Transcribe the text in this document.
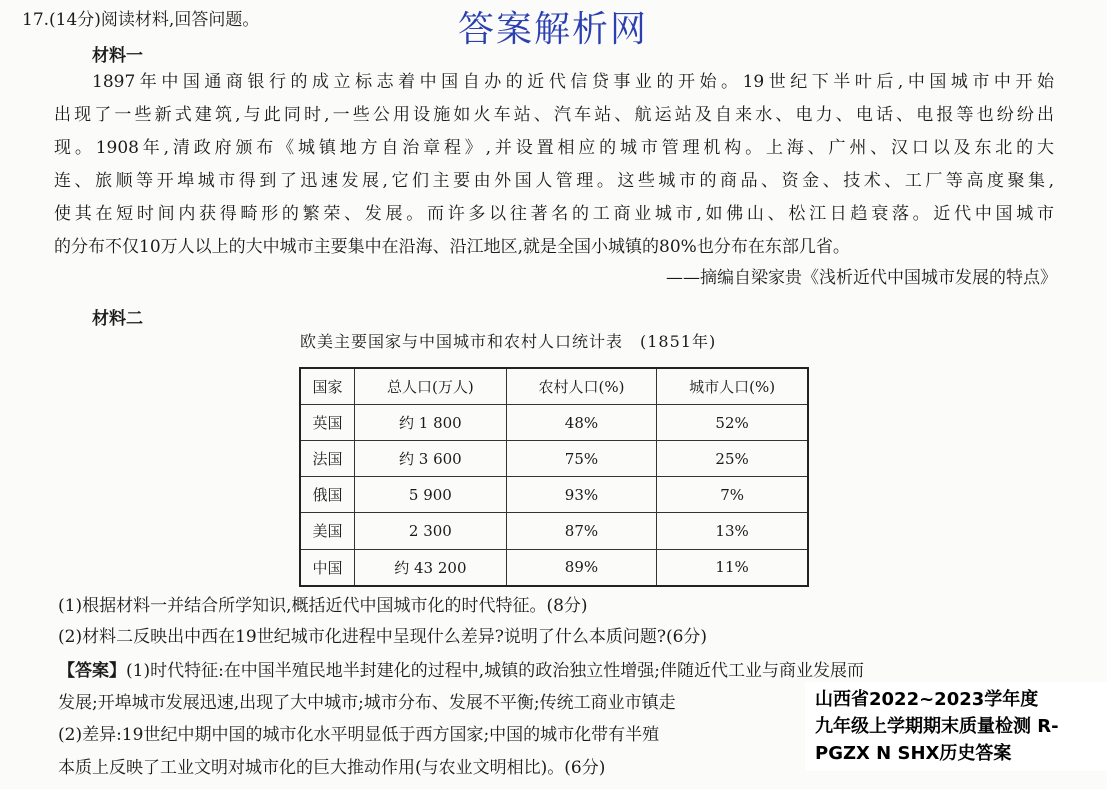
17.(14分)阅读材料,回答问题。	答案解析网
材料一
1897年中国通商银行的成立标志着中国自办的近代信贷事业的开始。19世纪下半叶后,中国城市中开始
出现了一些新式建筑,与此同时,一些公用设施如火车站、汽车站、航运站及自来水、电力、电话、电报等也纷纷出
现。1908年,清政府颁布《城镇地方自治章程》,并设置相应的城市管理机构。上海、广州、汉口以及东北的大
连、旅顺等开埠城市得到了迅速发展,它们主要由外国人管理。这些城市的商品、资金、技术、工厂等高度聚集,
使其在短时间内获得畸形的繁荣、发展。而许多以往著名的工商业城市,如佛山、松江日趋衰落。近代中国城市
的分布不仅10万人以上的大中城市主要集中在沿海、沿江地区,就是全国小城镇的80%也分布在东部几省。
——摘编自梁家贵《浅析近代中国城市发展的特点》
材料二
欧美主要国家与中国城市和农村人口统计表　(1851年)
国家	总人口(万人)	农村人口(%)	城市人口(%)
英国	约 1 800	48%	52%
法国	约 3 600	75%	25%
俄国	5 900	93%	7%
美国	2 300	87%	13%
中国	约 43 200	89%	11%
(1)根据材料一并结合所学知识,概括近代中国城市化的时代特征。(8分)
(2)材料二反映出中西在19世纪城市化进程中呈现什么差异?说明了什么本质问题?(6分)
【答案】(1)时代特征:在中国半殖民地半封建化的过程中,城镇的政治独立性增强;伴随近代工业与商业发展而
发展;开埠城市发展迅速,出现了大中城市;城市分布、发展不平衡;传统工商业市镇走
(2)差异:19世纪中期中国的城市化水平明显低于西方国家;中国的城市化带有半殖
本质上反映了工业文明对城市化的巨大推动作用(与农业文明相比)。(6分)
山西省2022~2023学年度
九年级上学期期末质量检测 R-
PGZX N SHX历史答案
